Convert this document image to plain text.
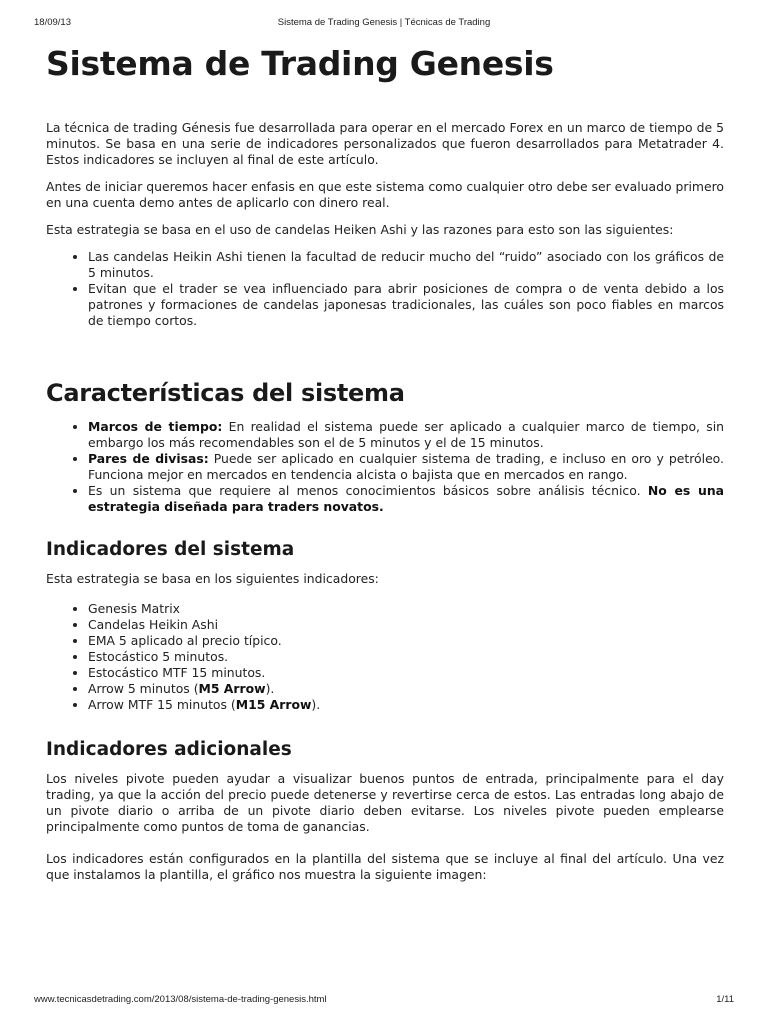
18/09/13	Sistema de Trading Genesis | Técnicas de Trading
Sistema de Trading Genesis

La técnica de trading Génesis fue desarrollada para operar en el mercado Forex en un marco de tiempo de 5 minutos. Se basa en una serie de indicadores personalizados que fueron desarrollados para Metatrader 4. Estos indicadores se incluyen al final de este artículo.

Antes de iniciar queremos hacer enfasis en que este sistema como cualquier otro debe ser evaluado primero en una cuenta demo antes de aplicarlo con dinero real.

Esta estrategia se basa en el uso de candelas Heiken Ashi y las razones para esto son las siguientes:

• Las candelas Heikin Ashi tienen la facultad de reducir mucho del “ruido” asociado con los gráficos de 5 minutos.
• Evitan que el trader se vea influenciado para abrir posiciones de compra o de venta debido a los patrones y formaciones de candelas japonesas tradicionales, las cuáles son poco fiables en marcos de tiempo cortos.
Características del sistema
• Marcos de tiempo: En realidad el sistema puede ser aplicado a cualquier marco de tiempo, sin embargo los más recomendables son el de 5 minutos y el de 15 minutos.
• Pares de divisas: Puede ser aplicado en cualquier sistema de trading, e incluso en oro y petróleo. Funciona mejor en mercados en tendencia alcista o bajista que en mercados en rango.
• Es un sistema que requiere al menos conocimientos básicos sobre análisis técnico. No es una estrategia diseñada para traders novatos.
Indicadores del sistema

Esta estrategia se basa en los siguientes indicadores:

• Genesis Matrix
• Candelas Heikin Ashi
• EMA 5 aplicado al precio típico.
• Estocástico 5 minutos.
• Estocástico MTF 15 minutos.
• Arrow 5 minutos (M5 Arrow).
• Arrow MTF 15 minutos (M15 Arrow).
Indicadores adicionales

Los niveles pivote pueden ayudar a visualizar buenos puntos de entrada, principalmente para el day trading, ya que la acción del precio puede detenerse y revertirse cerca de estos. Las entradas long abajo de un pivote diario o arriba de un pivote diario deben evitarse. Los niveles pivote pueden emplearse principalmente como puntos de toma de ganancias.

Los indicadores están configurados en la plantilla del sistema que se incluye al final del artículo. Una vez que instalamos la plantilla, el gráfico nos muestra la siguiente imagen:

www.tecnicasdetrading.com/2013/08/sistema-de-trading-genesis.html	1/11
